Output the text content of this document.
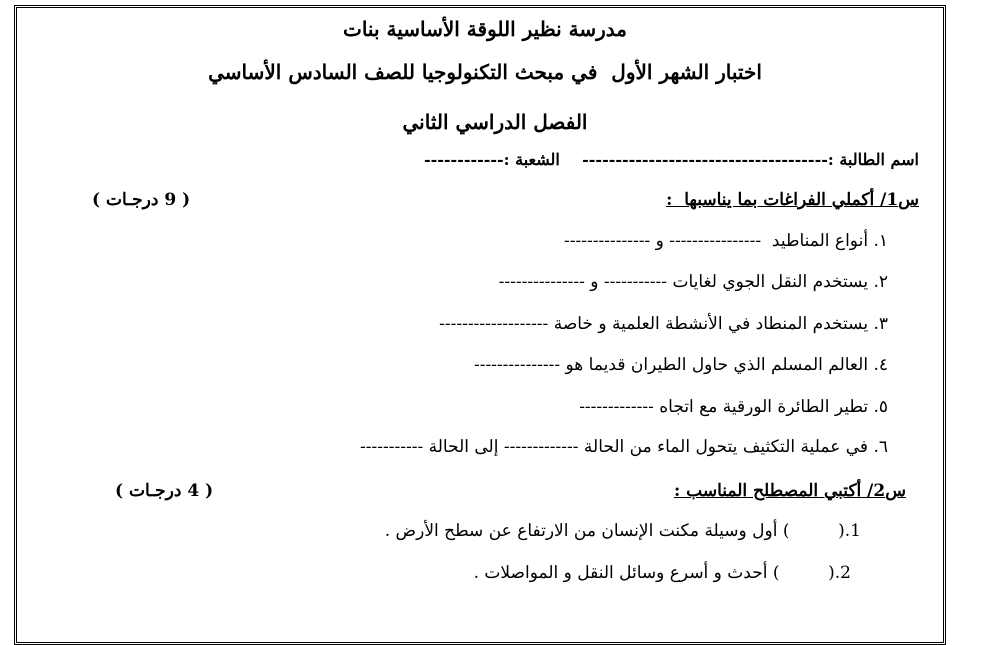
مدرسة نظير اللوقة الأساسية بنات
اختبار الشهر الأول  في مبحث التكنولوجيا للصف السادس الأساسي
الفصل الدراسي الثاني
اسم الطالبة :-------------------------------------    الشعبة :------------
س1/ أكملي الفراغات بما يناسبها  :
( 9 درجـات )
١. أنواع المناطيد  ---------------- و ---------------
٢. يستخدم النقل الجوي لغايات ----------- و ---------------
٣. يستخدم المنطاد في الأنشطة العلمية و خاصة -------------------
٤. العالم المسلم الذي حاول الطيران قديما هو ---------------
٥. تطير الطائرة الورقية مع اتجاه -------------
٦. في عملية التكثيف يتحول الماء من الحالة ------------- إلى الحالة -----------
س2/ أكتبي المصطلح المناسب :
( 4 درجـات )
1.(         ) أول وسيلة مكنت الإنسان من الارتفاع عن سطح الأرض .
2.(         ) أحدث و أسرع وسائل النقل و المواصلات .
